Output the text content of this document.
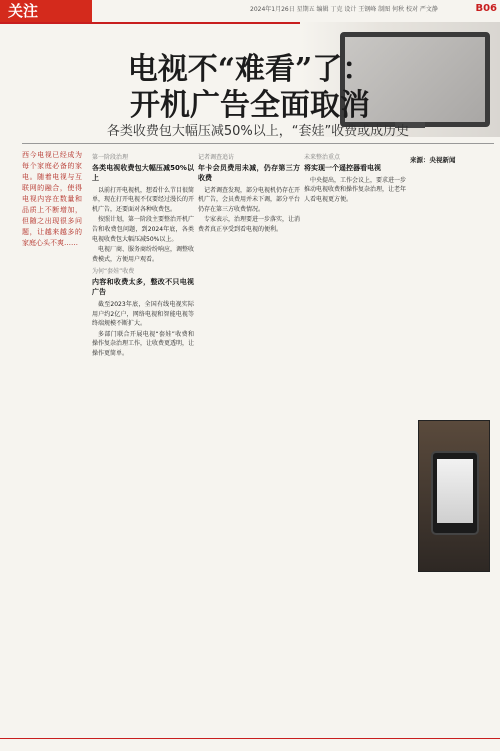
关注	2024年1月26日 星期五 编辑 丁克 设计 王钢峰 制图 何秋 校对 严文静	B06
电视不“难看”了：
开机广告全面取消
各类收费包大幅压减50%以上，“套娃”收费或成历史
西今电视已经成为每个家庭必备的家电。随着电视与互联网的融合，使得电视内容在数量和品质上不断增加，但随之出现很多问题，让越来越多的家庭心头不爽……
第一阶段治理
各类电视收费包大幅压减50%以上
以前打开电视机，想看什么节目很简单，现在打开电视不仅要经过漫长的开机广告，还要面对各种收费包。
按照计划，第一阶段主要整治开机广告和收费包问题，到2024年底，各类电视收费包大幅压减50%以上。
电视厂商、服务商纷纷响应，调整收费模式，方便用户观看。
为何“套娃”收费
内容和收费太多，整改不只电视广告
截至2023年底，全国有线电视实际用户约2亿户，网络电视和智能电视等终端规模不断扩大。
多部门联合开展电视“套娃”收费和操作复杂治理工作，让收费更透明，让操作更简单。
记者调查追访
年卡会员费用未减，仍存第三方收费
记者调查发现，部分电视机仍存在开机广告，会员费用并未下调，部分平台仍存在第三方收费情况。
专家表示，治理要进一步落实，让消费者真正享受到看电视的便利。
未来整治重点
将实现一个遥控器看电视
中央提出，工作会议上，要求进一步推动电视收费和操作复杂治理，让老年人看电视更方便。
来源：央视新闻
